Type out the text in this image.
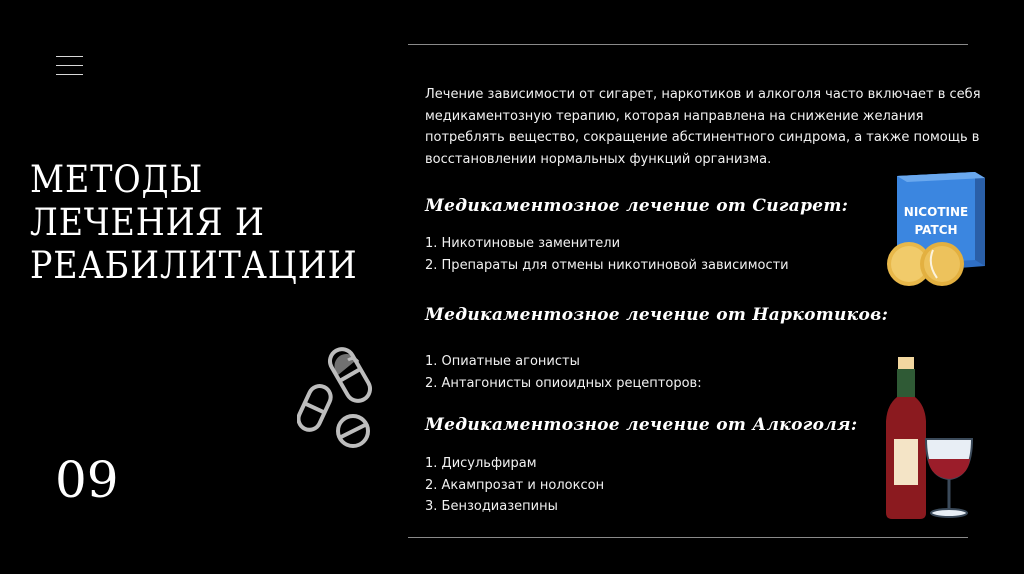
МЕТОДЫ
ЛЕЧЕНИЯ И
РЕАБИЛИТАЦИИ
09

Лечение зависимости от сигарет, наркотиков и алкоголя часто включает в себя медикаментозную терапию, которая направлена на снижение желания потреблять вещество, сокращение абстинентного синдрома, а также помощь в восстановлении нормальных функций организма.

Медикаментозное лечение от Сигарет:
1. Никотиновые заменители
2. Препараты для отмены никотиновой зависимости
Медикаментозное лечение от Наркотиков:
1. Опиатные агонисты
2. Антагонисты опиоидных рецепторов:
Медикаментозное лечение от Алкоголя:
1. Дисульфирам
2. Акампрозат и нолоксон
3. Бензодиазепины
NICOTINE
PATCH
